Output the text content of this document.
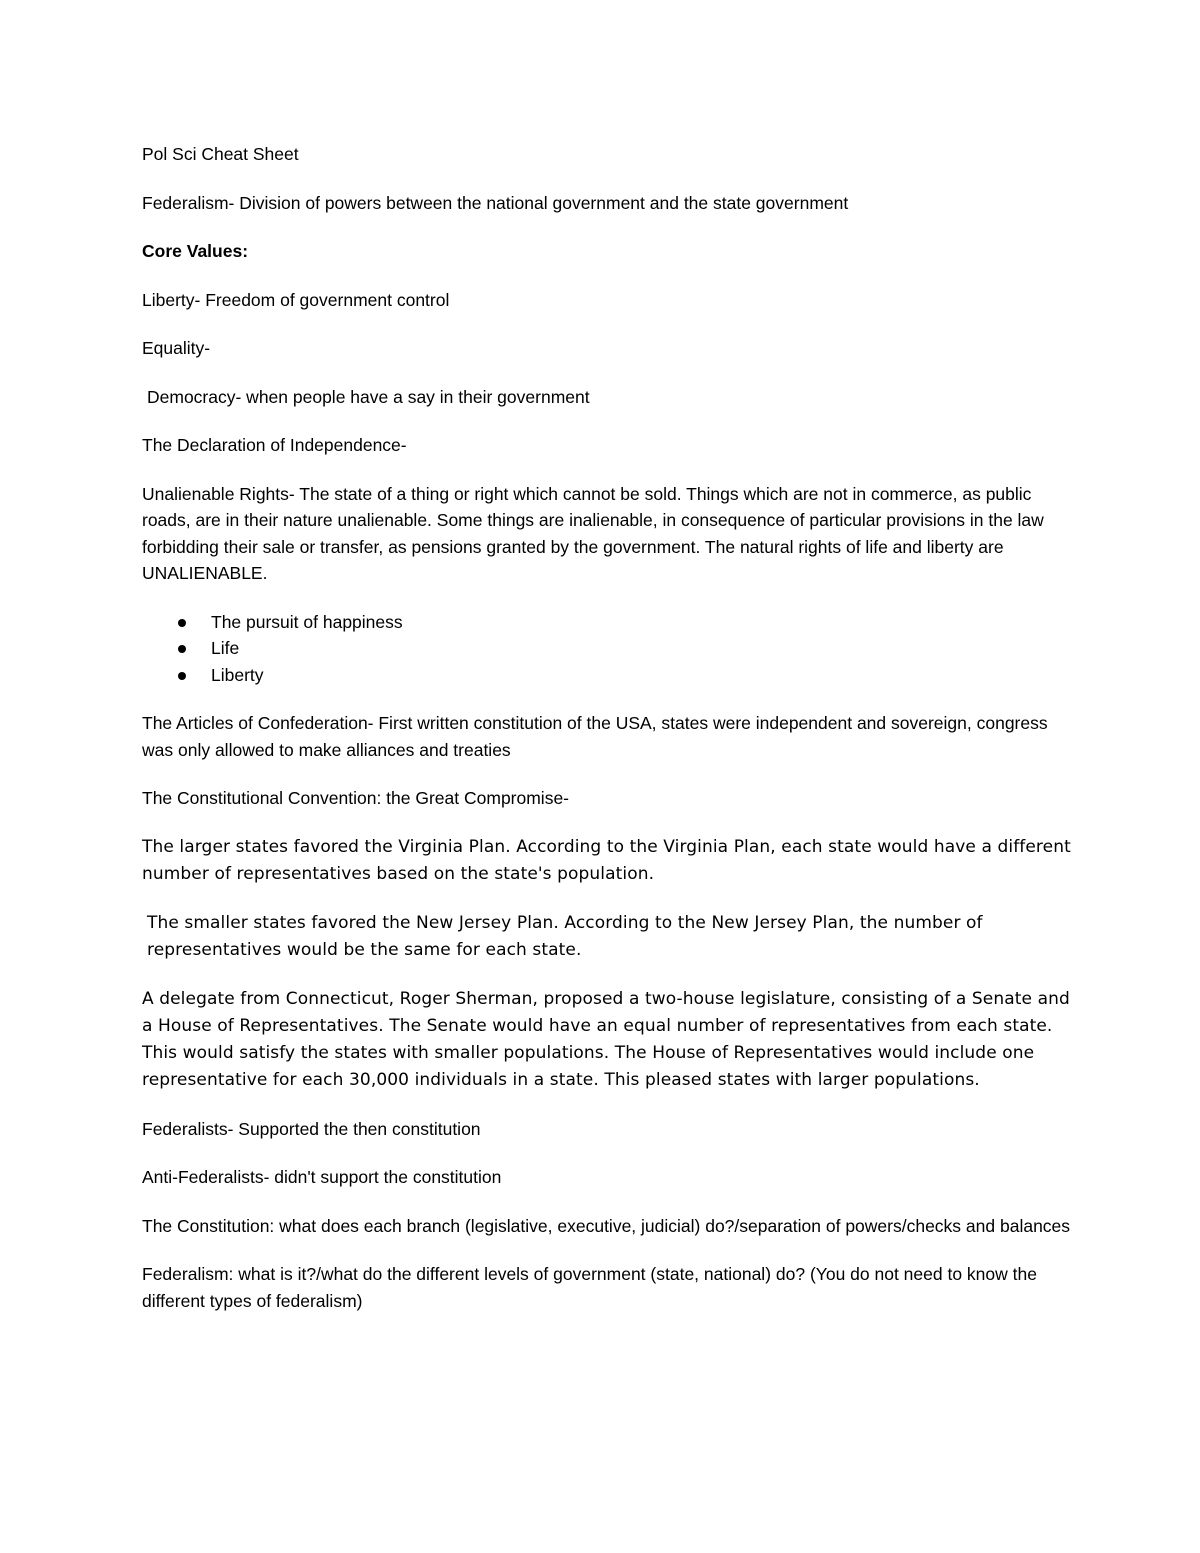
Pol Sci Cheat Sheet

Federalism- Division of powers between the national government and the state government

Core Values:

Liberty- Freedom of government control

Equality-

Democracy- when people have a say in their government

The Declaration of Independence-

Unalienable Rights- The state of a thing or right which cannot be sold. Things which are not in commerce, as public roads, are in their nature unalienable. Some things are inalienable, in consequence of particular provisions in the law forbidding their sale or transfer, as pensions granted by the government. The natural rights of life and liberty are UNALIENABLE.

The pursuit of happiness
Life
Liberty

The Articles of Confederation- First written constitution of the USA, states were independent and sovereign, congress was only allowed to make alliances and treaties

The Constitutional Convention: the Great Compromise-

The larger states favored the Virginia Plan. According to the Virginia Plan, each state would have a different number of representatives based on the state's population.

The smaller states favored the New Jersey Plan. According to the New Jersey Plan, the number of representatives would be the same for each state.

A delegate from Connecticut, Roger Sherman, proposed a two-house legislature, consisting of a Senate and a House of Representatives. The Senate would have an equal number of representatives from each state. This would satisfy the states with smaller populations. The House of Representatives would include one representative for each 30,000 individuals in a state. This pleased states with larger populations.

Federalists- Supported the then constitution

Anti-Federalists- didn't support the constitution

The Constitution: what does each branch (legislative, executive, judicial) do?/separation of powers/checks and balances

Federalism: what is it?/what do the different levels of government (state, national) do? (You do not need to know the different types of federalism)
